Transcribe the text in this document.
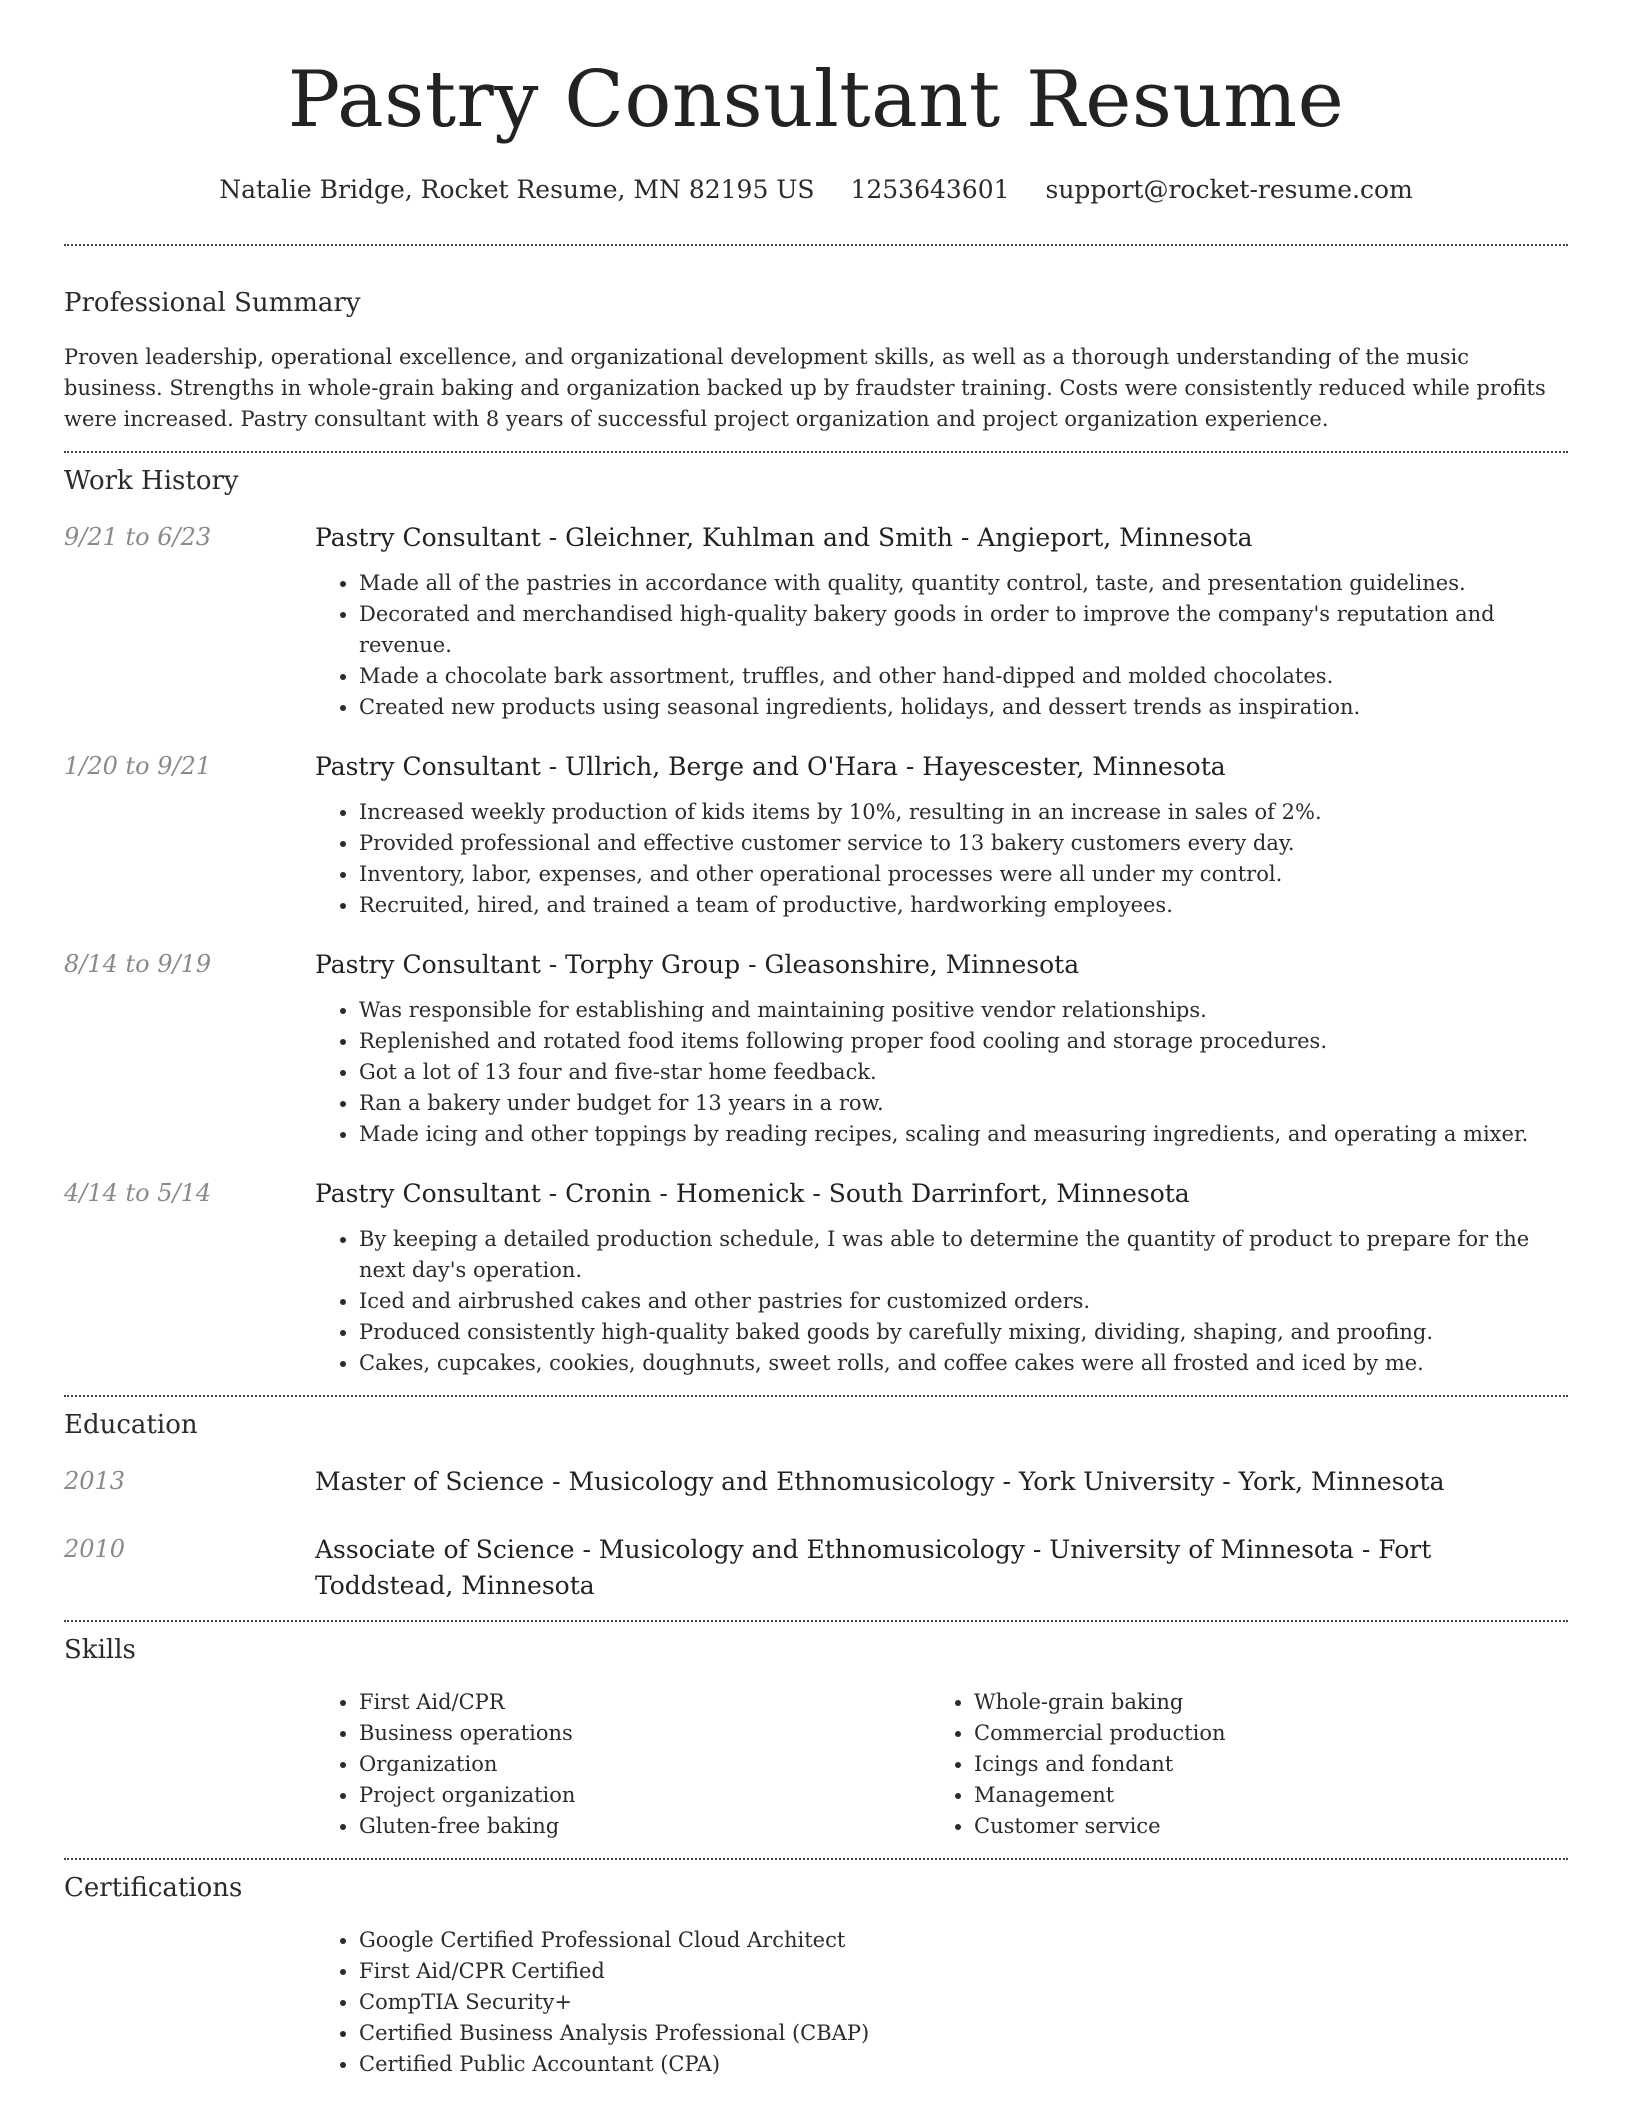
Pastry Consultant Resume
Natalie Bridge, Rocket Resume, MN 82195 US 1253643601 support@rocket-resume.com
Professional Summary

Proven leadership, operational excellence, and organizational development skills, as well as a thorough understanding of the music business. Strengths in whole-grain baking and organization backed up by fraudster training. Costs were consistently reduced while profits were increased. Pastry consultant with 8 years of successful project organization and project organization experience.

Work History
9/21 to 6/23	Pastry Consultant - Gleichner, Kuhlman and Smith - Angieport, Minnesota
• Made all of the pastries in accordance with quality, quantity control, taste, and presentation guidelines.
• Decorated and merchandised high-quality bakery goods in order to improve the company's reputation and revenue.
• Made a chocolate bark assortment, truffles, and other hand-dipped and molded chocolates.
• Created new products using seasonal ingredients, holidays, and dessert trends as inspiration.
1/20 to 9/21	Pastry Consultant - Ullrich, Berge and O'Hara - Hayescester, Minnesota
• Increased weekly production of kids items by 10%, resulting in an increase in sales of 2%.
• Provided professional and effective customer service to 13 bakery customers every day.
• Inventory, labor, expenses, and other operational processes were all under my control.
• Recruited, hired, and trained a team of productive, hardworking employees.
8/14 to 9/19	Pastry Consultant - Torphy Group - Gleasonshire, Minnesota
• Was responsible for establishing and maintaining positive vendor relationships.
• Replenished and rotated food items following proper food cooling and storage procedures.
• Got a lot of 13 four and five-star home feedback.
• Ran a bakery under budget for 13 years in a row.
• Made icing and other toppings by reading recipes, scaling and measuring ingredients, and operating a mixer.
4/14 to 5/14	Pastry Consultant - Cronin - Homenick - South Darrinfort, Minnesota
• By keeping a detailed production schedule, I was able to determine the quantity of product to prepare for the next day's operation.
• Iced and airbrushed cakes and other pastries for customized orders.
• Produced consistently high-quality baked goods by carefully mixing, dividing, shaping, and proofing.
• Cakes, cupcakes, cookies, doughnuts, sweet rolls, and coffee cakes were all frosted and iced by me.
Education
2013	Master of Science - Musicology and Ethnomusicology - York University - York, Minnesota
2010	Associate of Science - Musicology and Ethnomusicology - University of Minnesota - Fort Toddstead, Minnesota
Skills
• First Aid/CPR
• Business operations
• Organization
• Project organization
• Gluten-free baking
• Whole-grain baking
• Commercial production
• Icings and fondant
• Management
• Customer service
Certifications
• Google Certified Professional Cloud Architect
• First Aid/CPR Certified
• CompTIA Security+
• Certified Business Analysis Professional (CBAP)
• Certified Public Accountant (CPA)
